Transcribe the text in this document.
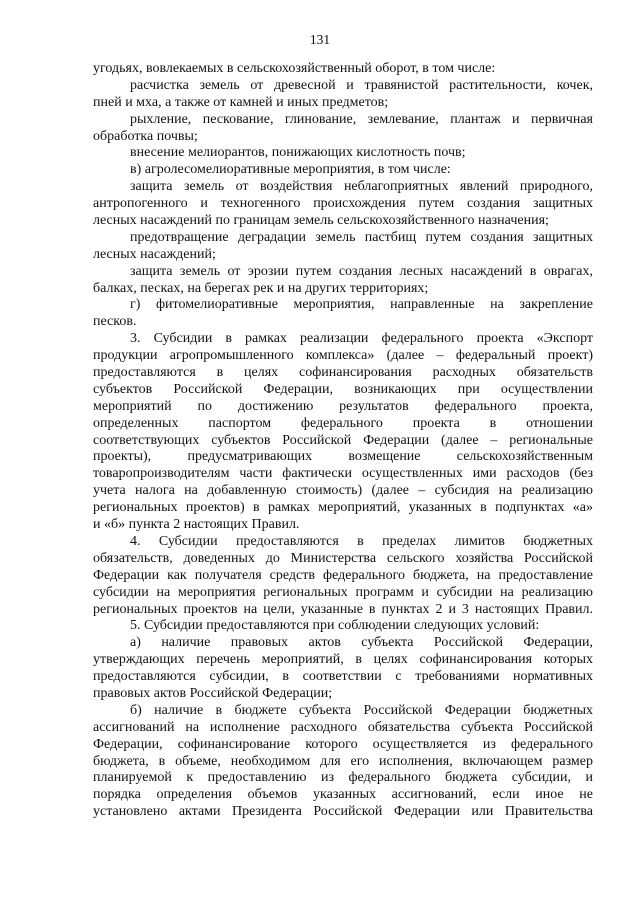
131
угодьях, вовлекаемых в сельскохозяйственный оборот, в том числе:
расчистка земель от древесной и травянистой растительности, кочек,
пней и мха, а также от камней и иных предметов;
рыхление, пескование, глинование, землевание, плантаж и первичная
обработка почвы;
внесение мелиорантов, понижающих кислотность почв;
в) агролесомелиоративные мероприятия, в том числе:
защита земель от воздействия неблагоприятных явлений природного,
антропогенного и техногенного происхождения путем создания защитных
лесных насаждений по границам земель сельскохозяйственного назначения;
предотвращение деградации земель пастбищ путем создания защитных
лесных насаждений;
защита земель от эрозии путем создания лесных насаждений в оврагах,
балках, песках, на берегах рек и на других территориях;
г) фитомелиоративные мероприятия, направленные на закрепление
песков.
3. Субсидии в рамках реализации федерального проекта «Экспорт
продукции агропромышленного комплекса» (далее – федеральный проект)
предоставляются в целях софинансирования расходных обязательств
субъектов Российской Федерации, возникающих при осуществлении
мероприятий по достижению результатов федерального проекта,
определенных паспортом федерального проекта в отношении
соответствующих субъектов Российской Федерации (далее – региональные
проекты), предусматривающих возмещение сельскохозяйственным
товаропроизводителям части фактически осуществленных ими расходов (без
учета налога на добавленную стоимость) (далее – субсидия на реализацию
региональных проектов) в рамках мероприятий, указанных в подпунктах «а»
и «б» пункта 2 настоящих Правил.
4. Субсидии предоставляются в пределах лимитов бюджетных
обязательств, доведенных до Министерства сельского хозяйства Российской
Федерации как получателя средств федерального бюджета, на предоставление
субсидии на мероприятия региональных программ и субсидии на реализацию
региональных проектов на цели, указанные в пунктах 2 и 3 настоящих Правил.
5. Субсидии предоставляются при соблюдении следующих условий:
а) наличие правовых актов субъекта Российской Федерации,
утверждающих перечень мероприятий, в целях софинансирования которых
предоставляются субсидии, в соответствии с требованиями нормативных
правовых актов Российской Федерации;
б) наличие в бюджете субъекта Российской Федерации бюджетных
ассигнований на исполнение расходного обязательства субъекта Российской
Федерации, софинансирование которого осуществляется из федерального
бюджета, в объеме, необходимом для его исполнения, включающем размер
планируемой к предоставлению из федерального бюджета субсидии, и
порядка определения объемов указанных ассигнований, если иное не
установлено актами Президента Российской Федерации или Правительства
